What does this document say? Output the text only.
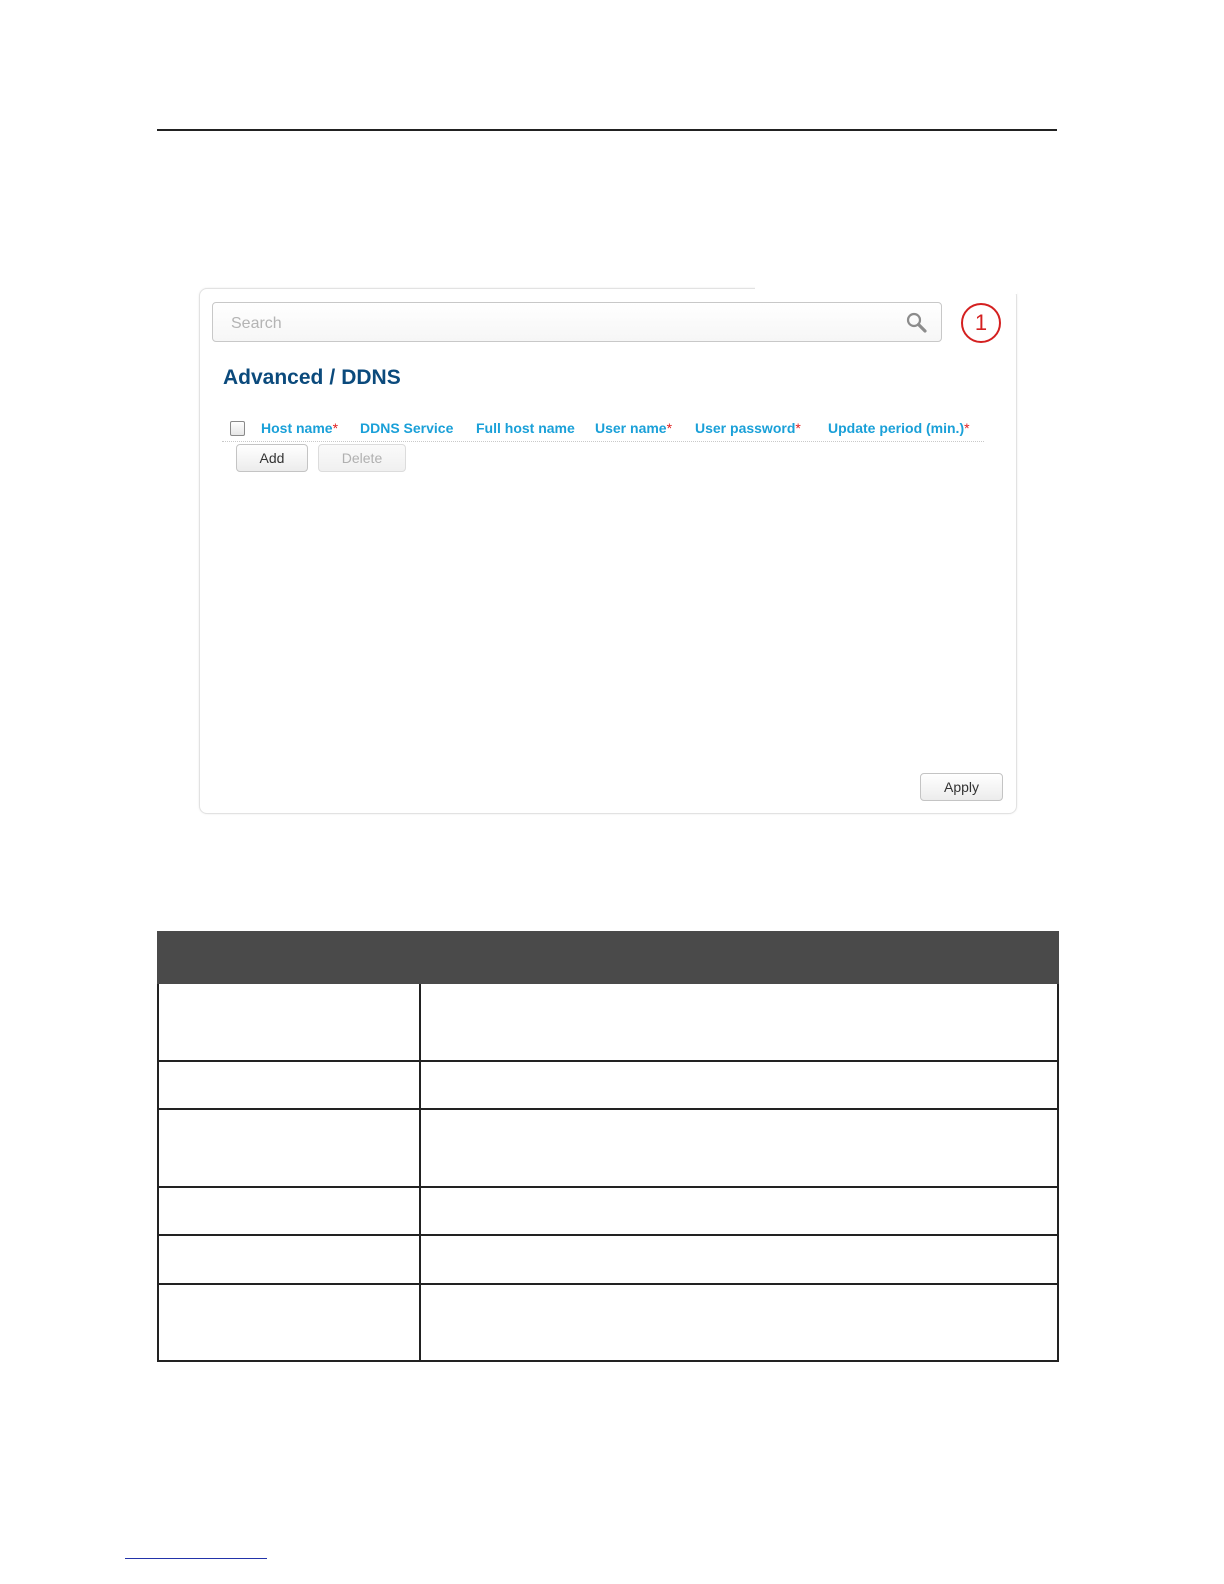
Search
1
Advanced / DDNS
Host name* DDNS Service Full host name User name* User password* Update period (min.)*
Add	Delete
Apply
